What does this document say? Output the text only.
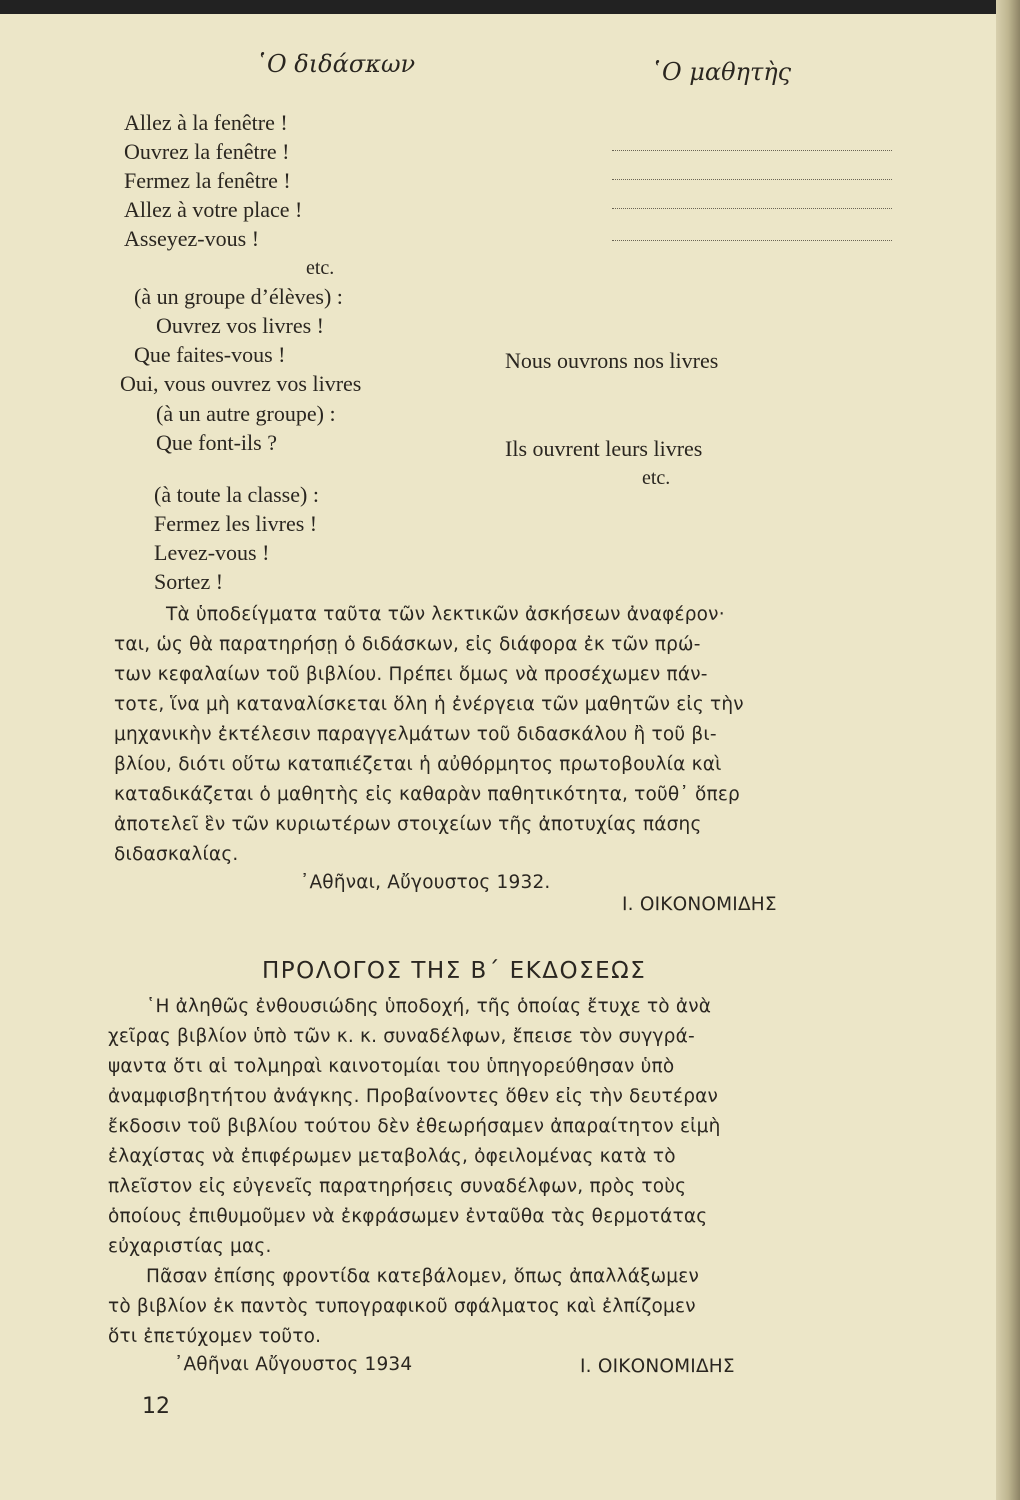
῾Ο διδάσκων	῾Ο μαθητὴς
Allez à la fenêtre !
Ouvrez la fenêtre !
Fermez la fenêtre !
Allez à votre place !
Asseyez-vous !
etc.
(à un groupe d’élèves) :
Ouvrez vos livres !
Que faites-vous !
Oui, vous ouvrez vos livres
(à un autre groupe) :
Que font-ils ?
(à toute la classe) :
Fermez les livres !
Levez-vous !
Sortez !
Nous ouvrons nos livres
Ils ouvrent leurs livres
etc.
Τὰ ὑποδείγματα ταῦτα τῶν λεκτικῶν ἀσκήσεων ἀναφέρον·
ται, ὡς θὰ παρατηρήσῃ ὁ διδάσκων, εἰς διάφορα ἐκ τῶν πρώ-
των κεφαλαίων τοῦ βιβλίου. Πρέπει ὅμως νὰ προσέχωμεν πάν-
τοτε, ἵνα μὴ καταναλίσκεται ὅλη ἡ ἐνέργεια τῶν μαθητῶν εἰς τὴν
μηχανικὴν ἐκτέλεσιν παραγγελμάτων τοῦ διδασκάλου ἢ τοῦ βι-
βλίου, διότι οὕτω καταπιέζεται ἡ αὐθόρμητος πρωτοβουλία καὶ
καταδικάζεται ὁ μαθητὴς εἰς καθαρὰν παθητικότητα, τοῦθ᾿ ὅπερ
ἀποτελεῖ ἓν τῶν κυριωτέρων στοιχείων τῆς ἀποτυχίας πάσης
διδασκαλίας.
᾿Αθῆναι, Αὔγουστος 1932.
Ι. ΟΙΚΟΝΟΜΙΔΗΣ
ΠΡΟΛΟΓΟΣ ΤΗΣ Β΄ ΕΚΔΟΣΕΩΣ
῾Η ἀληθῶς ἐνθουσιώδης ὑποδοχή, τῆς ὁποίας ἔτυχε τὸ ἀνὰ
χεῖρας βιβλίον ὑπὸ τῶν κ. κ. συναδέλφων, ἔπεισε τὸν συγγρά-
ψαντα ὅτι αἱ τολμηραὶ καινοτομίαι του ὑπηγορεύθησαν ὑπὸ
ἀναμφισβητήτου ἀνάγκης. Προβαίνοντες ὅθεν εἰς τὴν δευτέραν
ἔκδοσιν τοῦ βιβλίου τούτου δὲν ἐθεωρήσαμεν ἀπαραίτητον εἰμὴ
ἐλαχίστας νὰ ἐπιφέρωμεν μεταβολάς, ὀφειλομένας κατὰ τὸ
πλεῖστον εἰς εὐγενεῖς παρατηρήσεις συναδέλφων, πρὸς τοὺς
ὁποίους ἐπιθυμοῦμεν νὰ ἐκφράσωμεν ἐνταῦθα τὰς θερμοτάτας
εὐχαριστίας μας.
Πᾶσαν ἐπίσης φροντίδα κατεβάλομεν, ὅπως ἀπαλλάξωμεν
τὸ βιβλίον ἐκ παντὸς τυπογραφικοῦ σφάλματος καὶ ἐλπίζομεν
ὅτι ἐπετύχομεν τοῦτο.
᾿Αθῆναι Αὔγουστος 1934	Ι. ΟΙΚΟΝΟΜΙΔΗΣ
12
